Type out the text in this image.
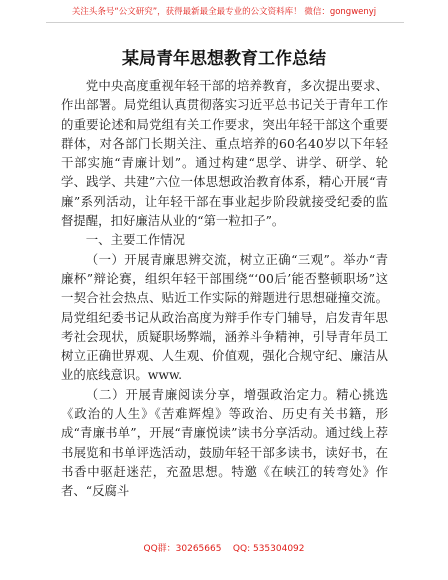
关注头条号“公文研究”，获得最新最全最专业的公文资料库！ 微信：gongwenyj
某局青年思想教育工作总结

党中央高度重视年轻干部的培养教育，多次提出要求、作出部署。局党组认真贯彻落实习近平总书记关于青年工作的重要论述和局党组有关工作要求，突出年轻干部这个重要群体，对各部门长期关注、重点培养的60名40岁以下年轻干部实施“青廉计划”。通过构建“思学、讲学、研学、轮学、践学、共建”六位一体思想政治教育体系，精心开展“青廉”系列活动，让年轻干部在事业起步阶段就接受纪委的监督提醒，扣好廉洁从业的“第一粒扣子”。

一、主要工作情况

（一）开展青廉思辨交流，树立正确“三观”。举办“青廉杯”辩论赛，组织年轻干部围绕“‘00后’能否整顿职场”这一契合社会热点、贴近工作实际的辩题进行思想碰撞交流。局党组纪委书记从政治高度为辩手作专门辅导，启发青年思考社会现状，质疑职场弊端，涵养斗争精神，引导青年员工树立正确世界观、人生观、价值观，强化合规守纪、廉洁从业的底线意识。www.

（二）开展青廉阅读分享，增强政治定力。精心挑选《政治的人生》《苦难辉煌》等政治、历史有关书籍，形成“青廉书单”，开展“青廉悦读”读书分享活动。通过线上荐书展览和书单评选活动，鼓励年轻干部多读书，读好书，在书香中驱赶迷茫，充盈思想。特邀《在峡江的转弯处》作者、“反腐斗

QQ群：30265665    QQ: 535304092
